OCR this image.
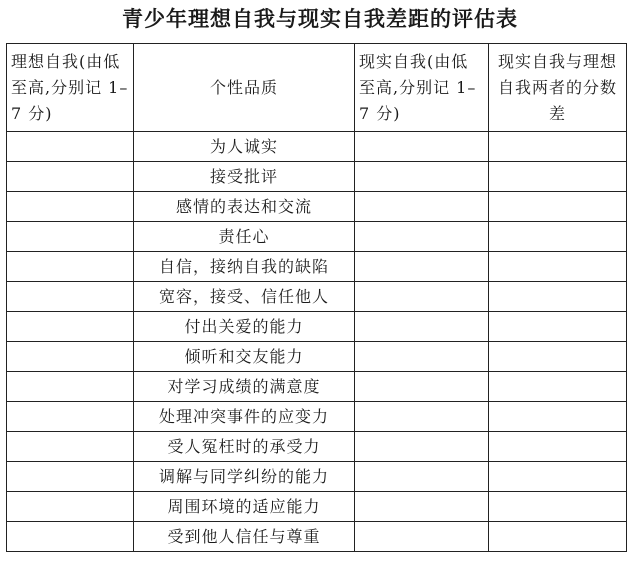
青少年理想自我与现实自我差距的评估表
理想自我(由低至高,分别记 1–7 分)	个性品质	现实自我(由低至高,分别记 1–7 分)	现实自我与理想自我两者的分数差

	为人诚实		
	接受批评		
	感情的表达和交流		
	责任心		
	自信，接纳自我的缺陷		
	宽容，接受、信任他人		
	付出关爱的能力		
	倾听和交友能力		
	对学习成绩的满意度		
	处理冲突事件的应变力		
	受人冤枉时的承受力		
	调解与同学纠纷的能力		
	周围环境的适应能力		
	受到他人信任与尊重		
